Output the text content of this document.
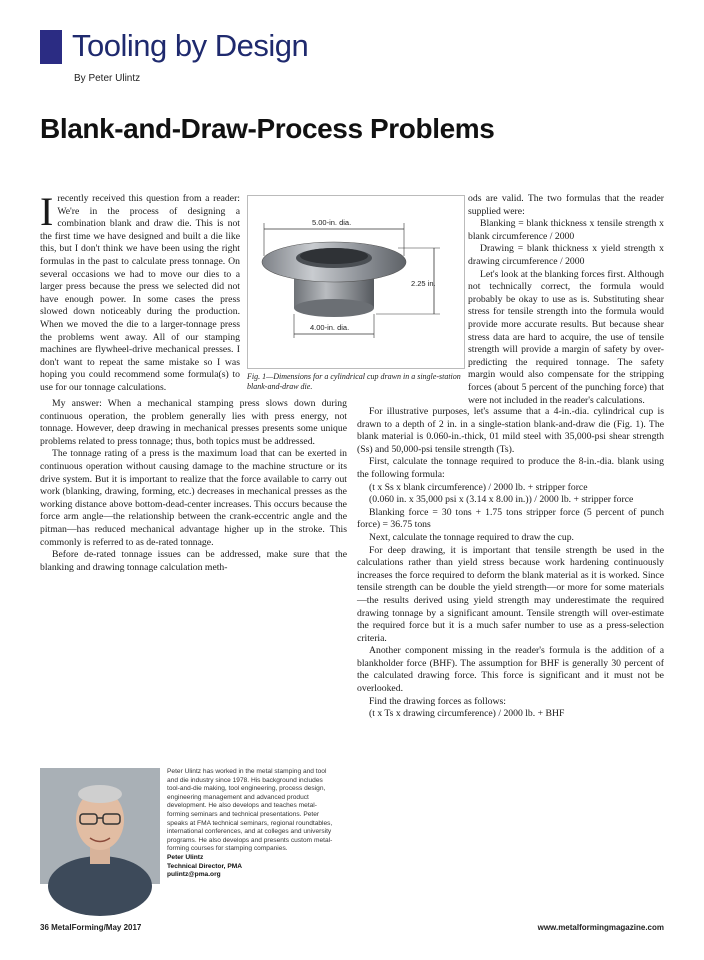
Tooling by Design
By Peter Ulintz
Blank-and-Draw-Process Problems
I recently received this question from a reader: We're in the process of designing a combination blank and draw die. This is not the first time we have designed and built a die like this, but I don't think we have been using the right formulas in the past to calculate press tonnage. On several occasions we had to move our dies to a larger press because the press we selected did not have enough power. In some cases the press slowed down noticeably during the production. When we moved the die to a larger-tonnage press the problems went away. All of our stamping machines are flywheel-drive mechanical presses. I don't want to repeat the same mistake so I was hoping you could recommend some formula(s) to use for our tonnage calculations.

My answer: When a mechanical stamping press slows down during continuous operation, the problem generally lies with press energy, not tonnage. However, deep drawing in mechanical presses presents some unique problems related to press tonnage; thus, both topics must be addressed.

The tonnage rating of a press is the maximum load that can be exerted in continuous operation without causing damage to the machine structure or its drive system. But it is important to realize that the force available to carry out work (blanking, drawing, forming, etc.) decreases in mechanical presses as the working distance above bottom-dead-center increases. This occurs because the force arm angle—the relationship between the crank-eccentric angle and the pitman—has reduced mechanical advantage higher up in the stroke. This commonly is referred to as de-rated tonnage.

Before de-rated tonnage issues can be addressed, make sure that the blanking and drawing tonnage calculation meth-

5.00-in. dia.
2.25 in.
4.00-in. dia.
Fig. 1—Dimensions for a cylindrical cup drawn in a single-station blank-and-draw die.

ods are valid. The two formulas that the reader supplied were:

Blanking = blank thickness x tensile strength x blank circumference / 2000

Drawing = blank thickness x yield strength x drawing circumference / 2000

Let's look at the blanking forces first. Although not technically correct, the formula would probably be okay to use as is. Substituting shear stress for tensile strength into the formula would provide more accurate results. But because shear stress data are hard to acquire, the use of tensile strength will provide a margin of safety by over-predicting the required tonnage. The safety margin would also compensate for the stripping forces (about 5 percent of the punching force) that were not included in the reader's calculations.

For illustrative purposes, let's assume that a 4-in.-dia. cylindrical cup is drawn to a depth of 2 in. in a single-station blank-and-draw die (Fig. 1). The blank material is 0.060-in.-thick, 01 mild steel with 35,000-psi shear strength (Ss) and 50,000-psi tensile strength (Ts).

First, calculate the tonnage required to produce the 8-in.-dia. blank using the following formula:

(t x Ss x blank circumference) / 2000 lb. + stripper force

(0.060 in. x 35,000 psi x (3.14 x 8.00 in.)) / 2000 lb. + stripper force

Blanking force = 30 tons + 1.75 tons stripper force (5 percent of punch force) = 36.75 tons

Next, calculate the tonnage required to draw the cup.

For deep drawing, it is important that tensile strength be used in the calculations rather than yield stress because work hardening continuously increases the force required to deform the blank material as it is worked. Since tensile strength can be double the yield strength—or more for some materials—the results derived using yield strength may underestimate the required drawing tonnage by a significant amount. Tensile strength will over-estimate the required force but it is a much safer number to use as a press-selection criteria.

Another component missing in the reader's formula is the addition of a blankholder force (BHF). The assumption for BHF is generally 30 percent of the calculated drawing force. This force is significant and it must not be overlooked.

Find the drawing forces as follows:

(t x Ts x drawing circumference) / 2000 lb. + BHF

Peter Ulintz has worked in the metal stamping and tool and die industry since 1978. His background includes tool-and-die making, tool engineering, process design, engineering management and advanced product development. He also develops and teaches metal-forming seminars and technical presentations. Peter speaks at FMA technical seminars, regional roundtables, international conferences, and at colleges and university programs. He also develops and presents custom metal-forming courses for stamping companies.
Peter Ulintz
Technical Director, PMA
pulintz@pma.org
36 MetalForming/May 2017	www.metalformingmagazine.com
